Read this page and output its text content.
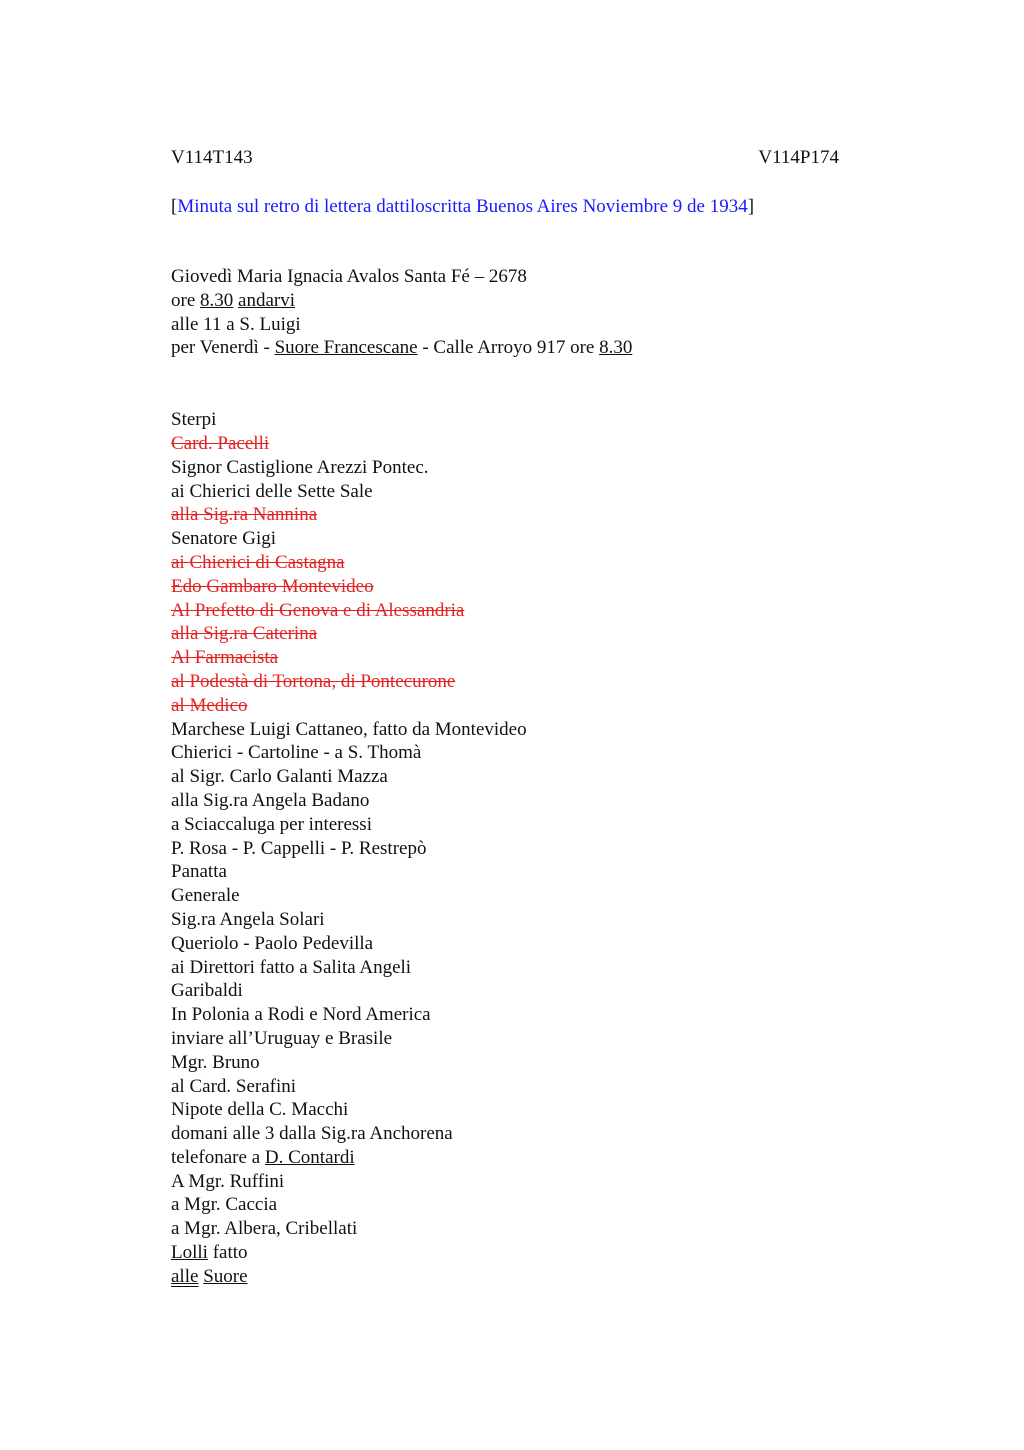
V114T143	V114P174
[Minuta sul retro di lettera dattiloscritta Buenos Aires Noviembre 9 de 1934]
Giovedì Maria Ignacia Avalos Santa Fé – 2678
ore 8.30 andarvi
alle 11 a S. Luigi
per Venerdì - Suore Francescane - Calle Arroyo 917 ore 8.30
Sterpi
Card. Pacelli
Signor Castiglione Arezzi Pontec.
ai Chierici delle Sette Sale
alla Sig.ra Nannina
Senatore Gigi
ai Chierici di Castagna
Edo Gambaro Montevideo
Al Prefetto di Genova e di Alessandria
alla Sig.ra Caterina
Al Farmacista
al Podestà di Tortona, di Pontecurone
al Medico
Marchese Luigi Cattaneo, fatto da Montevideo
Chierici - Cartoline - a S. Thomà
al Sigr. Carlo Galanti Mazza
alla Sig.ra Angela Badano
a Sciaccaluga per interessi
P. Rosa - P. Cappelli - P. Restrepò
Panatta
Generale
Sig.ra Angela Solari
Queriolo - Paolo Pedevilla
ai Direttori fatto a Salita Angeli
Garibaldi
In Polonia a Rodi e Nord America
inviare all’Uruguay e Brasile
Mgr. Bruno
al Card. Serafini
Nipote della C. Macchi
domani alle 3 dalla Sig.ra Anchorena
telefonare a D. Contardi
A Mgr. Ruffini
a Mgr. Caccia
a Mgr. Albera, Cribellati
Lolli fatto
alle Suore
